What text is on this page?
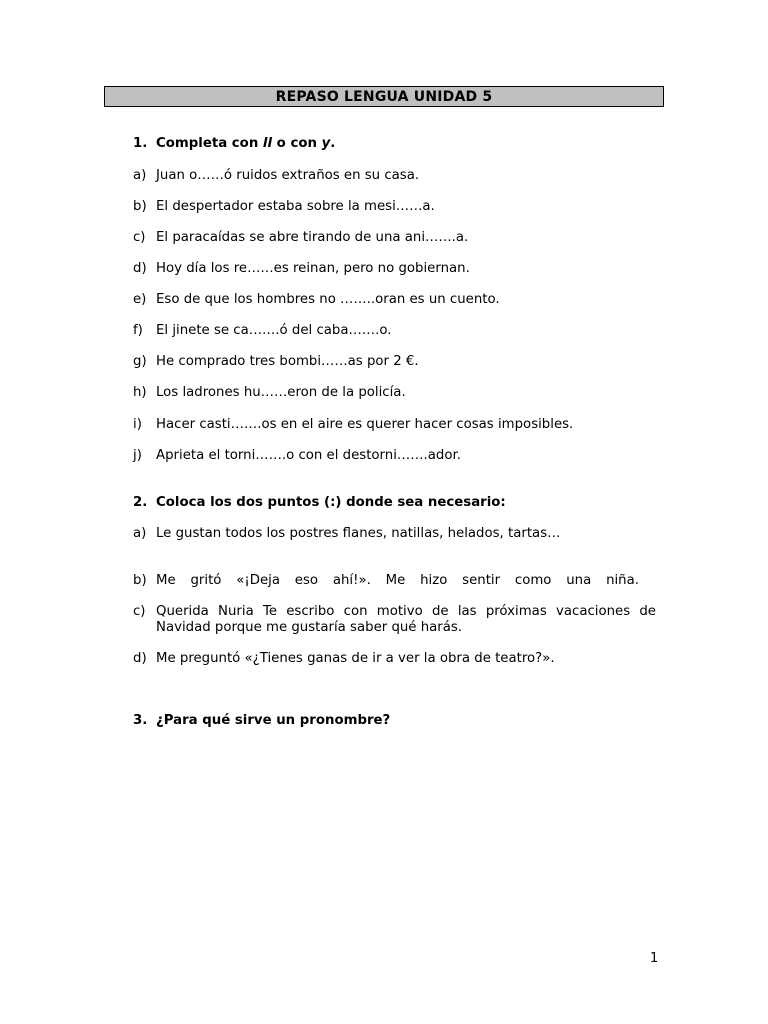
REPASO LENGUA UNIDAD 5
1. Completa con ll o con y.
a) Juan o……ó ruidos extraños en su casa.
b) El despertador estaba sobre la mesi……a.
c) El paracaídas se abre tirando de una ani…….a.
d) Hoy día los re……es reinan, pero no gobiernan.
e) Eso de que los hombres no ……..oran es un cuento.
f) El jinete se ca…….ó del caba…….o.
g) He comprado tres bombi……as por 2 €.
h) Los ladrones hu……eron de la policía.
i) Hacer casti…….os en el aire es querer hacer cosas imposibles.
j) Aprieta el torni…….o con el destorni…….ador.
2. Coloca los dos puntos (:) donde sea necesario:
a) Le gustan todos los postres flanes, natillas, helados, tartas…
b) Me gritó «¡Deja eso ahí!». Me hizo sentir como una niña.
c) Querida Nuria Te escribo con motivo de las próximas vacaciones de Navidad porque me gustaría saber qué harás.
d) Me preguntó «¿Tienes ganas de ir a ver la obra de teatro?».
3. ¿Para qué sirve un pronombre?
1
